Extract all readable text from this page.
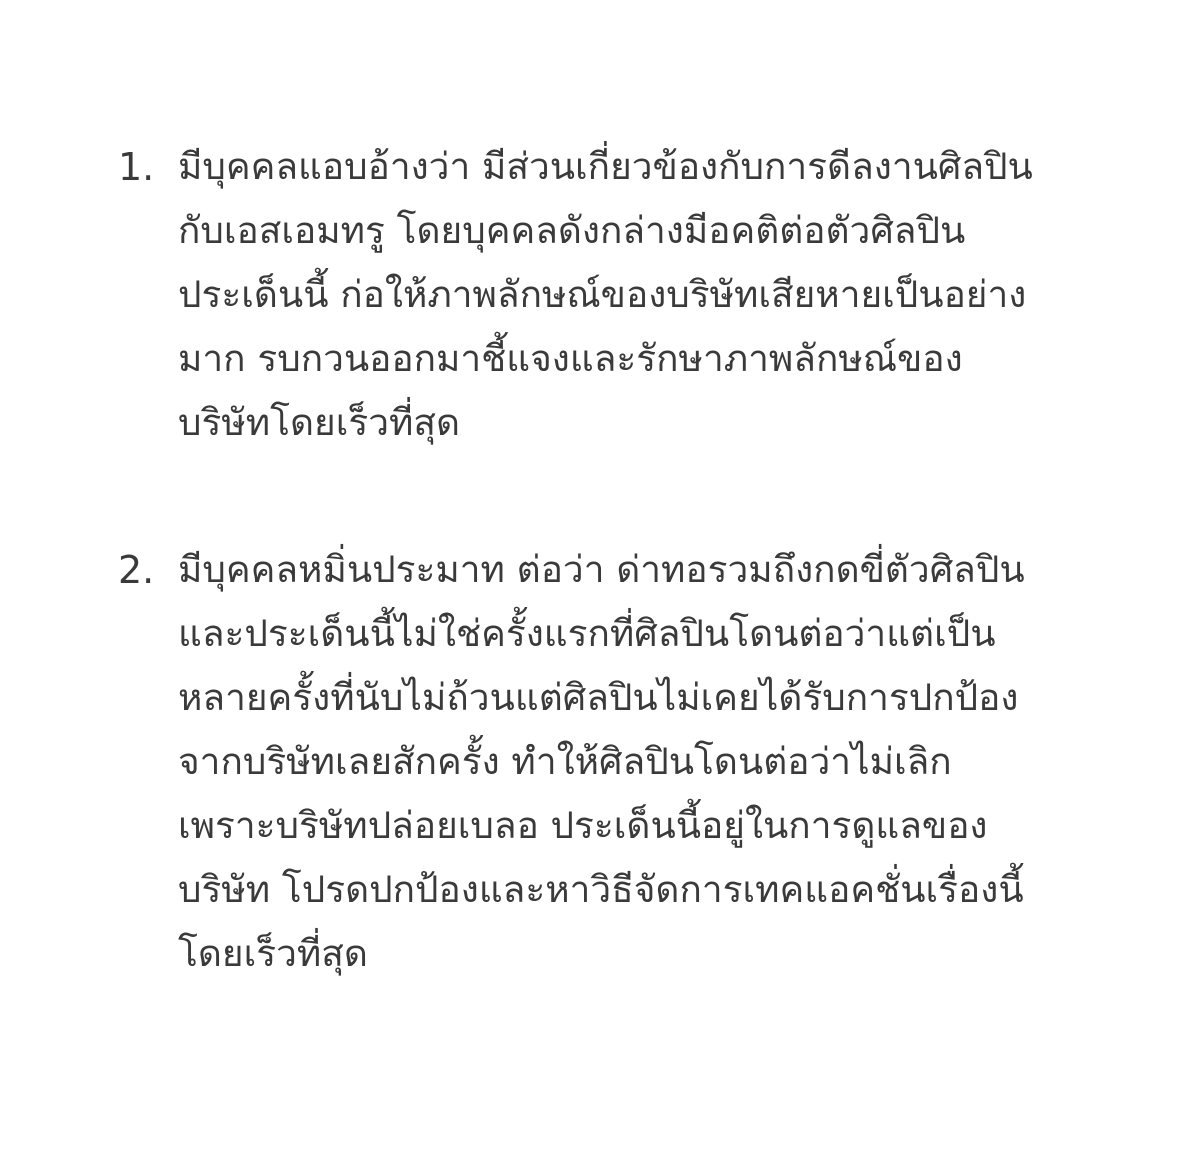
1. มีบุคคลแอบอ้างว่า มีส่วนเกี่ยวข้องกับการดีลงานศิลปิน
กับเอสเอมทรู โดยบุคคลดังกล่างมีอคติต่อตัวศิลปิน
ประเด็นนี้ ก่อให้ภาพลักษณ์ของบริษัทเสียหายเป็นอย่าง
มาก รบกวนออกมาชี้แจงและรักษาภาพลักษณ์ของ
บริษัทโดยเร็วที่สุด
2. มีบุคคลหมิ่นประมาท ต่อว่า ด่าทอรวมถึงกดขี่ตัวศิลปิน
และประเด็นนี้ไม่ใช่ครั้งแรกที่ศิลปินโดนต่อว่าแต่เป็น
หลายครั้งที่นับไม่ถ้วนแต่ศิลปินไม่เคยได้รับการปกป้อง
จากบริษัทเลยสักครั้ง ทำให้ศิลปินโดนต่อว่าไม่เลิก
เพราะบริษัทปล่อยเบลอ ประเด็นนี้อยู่ในการดูแลของ
บริษัท โปรดปกป้องและหาวิธีจัดการเทคแอคชั่นเรื่องนี้
โดยเร็วที่สุด
